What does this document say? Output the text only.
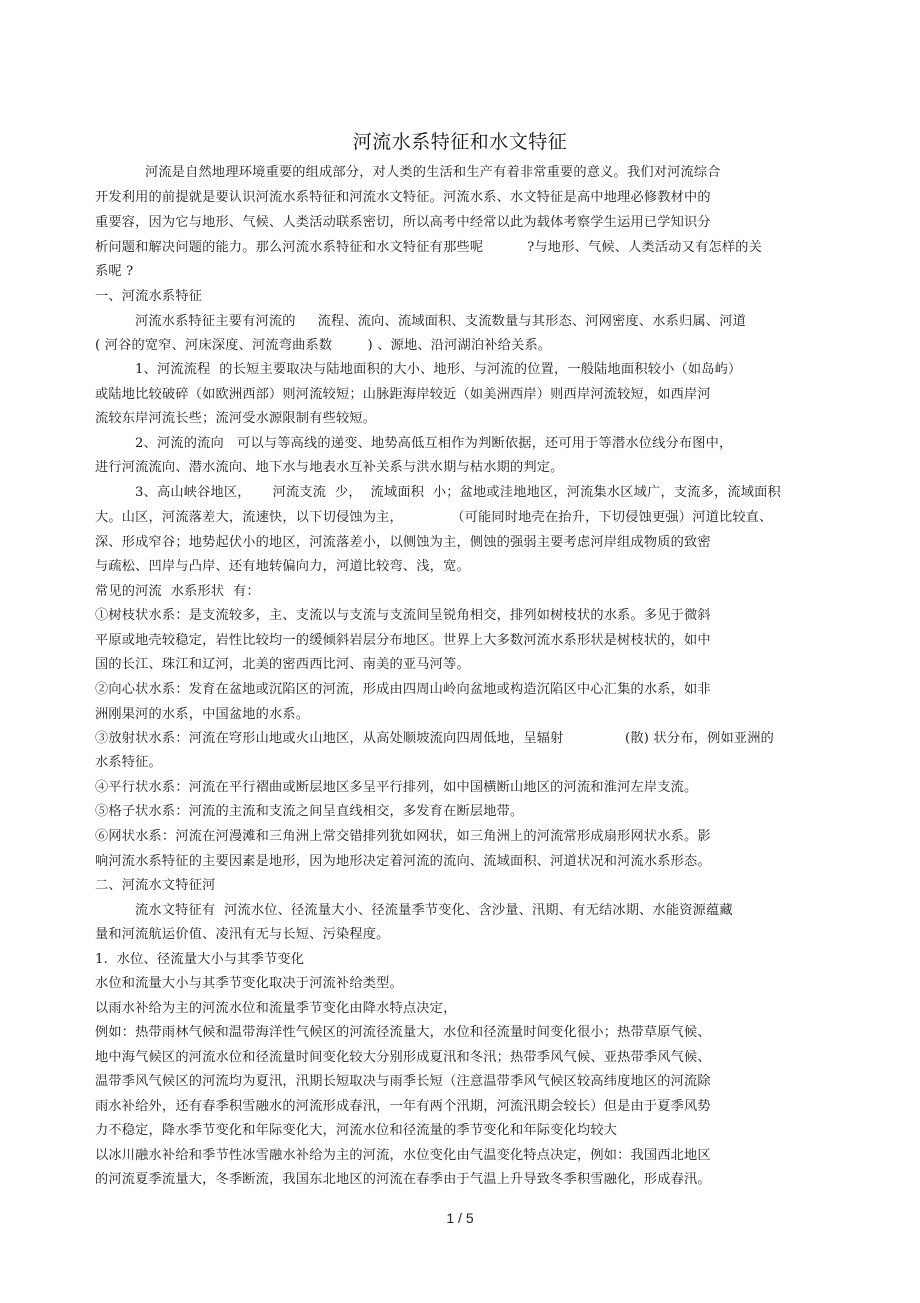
河流水系特征和水文特征
河流是自然地理环境重要的组成部分，对人类的生活和生产有着非常重要的意义。我们对河流综合
开发利用的前提就是要认识河流水系特征和河流水文特征。河流水系、水文特征是高中地理必修教材中的
重要容，因为它与地形、气候、人类活动联系密切，所以高考中经常以此为载体考察学生运用已学知识分
析问题和解决问题的能力。那么河流水系特征和水文特征有那些呢          ?与地形、气候、人类活动又有怎样的关
系呢 ?
一、河流水系特征
河流水系特征主要有河流的     流程、流向、流域面积、支流数量与其形态、河网密度、水系归属、河道
( 河谷的宽窄、河床深度、河流弯曲系数        ) 、源地、沿河湖泊补给关系。
1、河流流程  的长短主要取决与陆地面积的大小、地形、与河流的位置，一般陆地面积较小（如岛屿）
或陆地比较破碎（如欧洲西部）则河流较短；山脉距海岸较近（如美洲西岸）则西岸河流较短，如西岸河
流较东岸河流长些；流河受水源限制有些较短。
2、河流的流向   可以与等高线的递变、地势高低互相作为判断依据，还可用于等潜水位线分布图中，
进行河流流向、潜水流向、地下水与地表水互补关系与洪水期与枯水期的判定。
3、高山峡谷地区，     河流支流  少，  流域面积  小；盆地或洼地地区，河流集水区域广，支流多，流域面积
大。山区，河流落差大，流速快，以下切侵蚀为主，           （可能同时地壳在抬升，下切侵蚀更强）河道比较直、
深、形成窄谷；地势起伏小的地区，河流落差小，以侧蚀为主，侧蚀的强弱主要考虑河岸组成物质的致密
与疏松、凹岸与凸岸、还有地转偏向力，河道比较弯、浅，宽。
常见的河流  水系形状  有：
①树枝状水系：是支流较多，主、支流以与支流与支流间呈锐角相交，排列如树枝状的水系。多见于微斜
平原或地壳较稳定，岩性比较均一的缓倾斜岩层分布地区。世界上大多数河流水系形状是树枝状的，如中
国的长江、珠江和辽河，北美的密西西比河、南美的亚马河等。
②向心状水系：发育在盆地或沉陷区的河流，形成由四周山岭向盆地或构造沉陷区中心汇集的水系，如非
洲刚果河的水系，中国盆地的水系。
③放射状水系：河流在穹形山地或火山地区，从高处顺坡流向四周低地，呈辐射              (散) 状分布，例如亚洲的
水系特征。
④平行状水系：河流在平行褶曲或断层地区多呈平行排列，如中国横断山地区的河流和淮河左岸支流。
⑤格子状水系：河流的主流和支流之间呈直线相交，多发育在断层地带。
⑥网状水系：河流在河漫滩和三角洲上常交错排列犹如网状，如三角洲上的河流常形成扇形网状水系。影
响河流水系特征的主要因素是地形，因为地形决定着河流的流向、流域面积、河道状况和河流水系形态。
二、河流水文特征河
流水文特征有  河流水位、径流量大小、径流量季节变化、含沙量、汛期、有无结冰期、水能资源蕴藏
量和河流航运价值、凌汛有无与长短、污染程度。
1.  水位、径流量大小与其季节变化
水位和流量大小与其季节变化取决于河流补给类型。
以雨水补给为主的河流水位和流量季节变化由降水特点决定，
例如：热带雨林气候和温带海洋性气候区的河流径流量大，水位和径流量时间变化很小；热带草原气候、
地中海气候区的河流水位和径流量时间变化较大分别形成夏汛和冬汛；热带季风气候、亚热带季风气候、
温带季风气候区的河流均为夏汛，汛期长短取决与雨季长短（注意温带季风气候区较高纬度地区的河流除
雨水补给外，还有春季积雪融水的河流形成春汛，一年有两个汛期，河流汛期会较长）但是由于夏季风势
力不稳定，降水季节变化和年际变化大，河流水位和径流量的季节变化和年际变化均较大
以冰川融水补给和季节性冰雪融水补给为主的河流，水位变化由气温变化特点决定，例如：我国西北地区
的河流夏季流量大，冬季断流，我国东北地区的河流在春季由于气温上升导致冬季积雪融化，形成春汛。
1 / 5
